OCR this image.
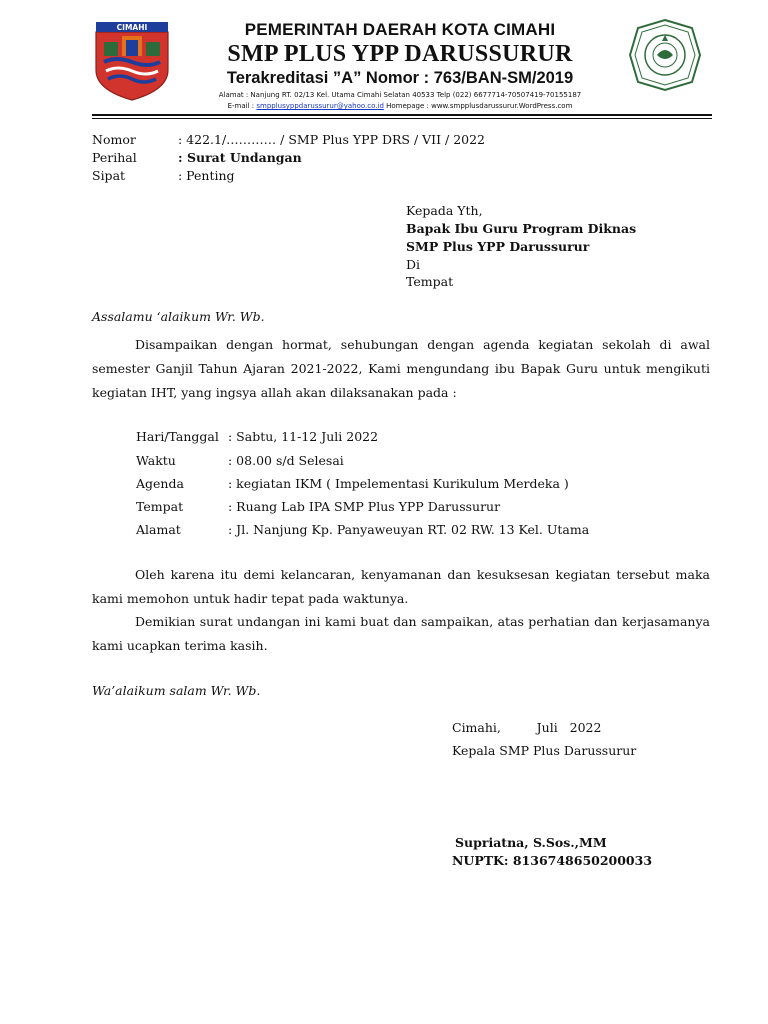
CIMAHI	PEMERINTAH DAERAH KOTA CIMAHI
SMP PLUS YPP DARUSSURUR
Terakreditasi ”A” Nomor : 763/BAN-SM/2019
Alamat : Nanjung RT. 02/13 Kel. Utama Cimahi Selatan 40533 Telp (022) 6677714-70507419-70155187
E-mail : smpplusyppdarussurur@yahoo.co.id Homepage : www.smpplusdarussurur.WordPress.com
Nomor	: 422.1/………… / SMP Plus YPP DRS / VII / 2022
Perihal	: Surat Undangan
Sipat	: Penting
Kepada Yth,
Bapak Ibu Guru Program Diknas
SMP Plus YPP Darussurur
Di
Tempat
Assalamu ‘alaikum Wr. Wb.
Disampaikan dengan hormat, sehubungan dengan agenda kegiatan sekolah di awal semester Ganjil Tahun Ajaran 2021-2022, Kami mengundang ibu Bapak Guru untuk mengikuti kegiatan IHT, yang ingsya allah akan dilaksanakan pada :
Hari/Tanggal : Sabtu, 11-12 Juli 2022
Waktu	: 08.00 s/d Selesai
Agenda	: kegiatan IKM ( Impelementasi Kurikulum Merdeka )
Tempat	: Ruang Lab IPA SMP Plus YPP Darussurur
Alamat	: Jl. Nanjung Kp. Panyaweuyan RT. 02 RW. 13 Kel. Utama
Oleh karena itu demi kelancaran, kenyamanan dan kesuksesan kegiatan tersebut maka kami memohon untuk hadir tepat pada waktunya.
Demikian surat undangan ini kami buat dan sampaikan, atas perhatian dan kerjasamanya kami ucapkan terima kasih.
Wa’alaikum salam Wr. Wb.
Cimahi,         Juli   2022
Kepala SMP Plus Darussurur
Supriatna, S.Sos.,MM
NUPTK: 8136748650200033
